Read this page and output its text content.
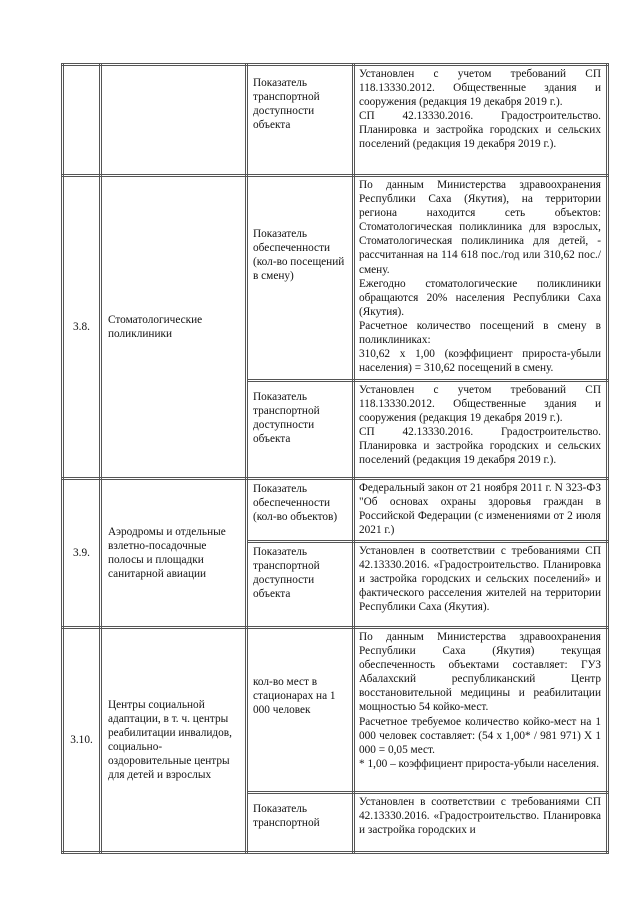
		Показатель транспортной доступности объекта	Установлен с учетом требований СП 118.13330.2012. Общественные здания и сооружения (редакция 19 декабря 2019 г.).
СП 42.13330.2016. Градостроительство. Планировка и застройка городских и сельских поселений (редакция 19 декабря 2019 г.).

3.8.	Стоматологические поликлиники	Показатель обеспеченности (кол-во посещений в смену)	По данным Министерства здравоохранения Республики Саха (Якутия), на территории региона находится сеть объектов: Стоматологическая поликлиника для взрослых, Стоматологическая поликлиника для детей, - рассчитанная на 114 618 пос./год или 310,62 пос./ смену.
Ежегодно стоматологические поликлиники обращаются 20% населения Республики Саха (Якутия).
Расчетное количество посещений в смену в поликлиниках:
310,62 х 1,00 (коэффициент прироста-убыли населения) = 310,62 посещений в смену.

		Показатель транспортной доступности объекта	Установлен с учетом требований СП 118.13330.2012. Общественные здания и сооружения (редакция 19 декабря 2019 г.).
СП 42.13330.2016. Градостроительство. Планировка и застройка городских и сельских поселений (редакция 19 декабря 2019 г.).

3.9.	Аэродромы и отдельные взлетно-посадочные полосы и площадки санитарной авиации	Показатель обеспеченности (кол-во объектов)	Федеральный закон от 21 ноября 2011 г. N 323-ФЗ "Об основах охраны здоровья граждан в Российской Федерации (с изменениями от 2 июля 2021 г.)

		Показатель транспортной доступности объекта	Установлен в соответствии с требованиями СП 42.13330.2016. «Градостроительство. Планировка и застройка городских и сельских поселений» и фактического расселения жителей на территории Республики Саха (Якутия).

3.10.	Центры социальной адаптации, в т. ч. центры реабилитации инвалидов, социально-оздоровительные центры для детей и взрослых	кол-во мест в стационарах на 1 000 человек	По данным Министерства здравоохранения Республики Саха (Якутия) текущая обеспеченность объектами составляет: ГУЗ Абалахский республиканский Центр восстановительной медицины и реабилитации мощностью 54 койко-мест.
Расчетное требуемое количество койко-мест на 1 000 человек составляет: (54 х 1,00* / 981 971) Х 1 000 = 0,05 мест.
* 1,00 – коэффициент прироста-убыли населения.

		Показатель транспортной	Установлен в соответствии с требованиями СП 42.13330.2016. «Градостроительство. Планировка и застройка городских и
